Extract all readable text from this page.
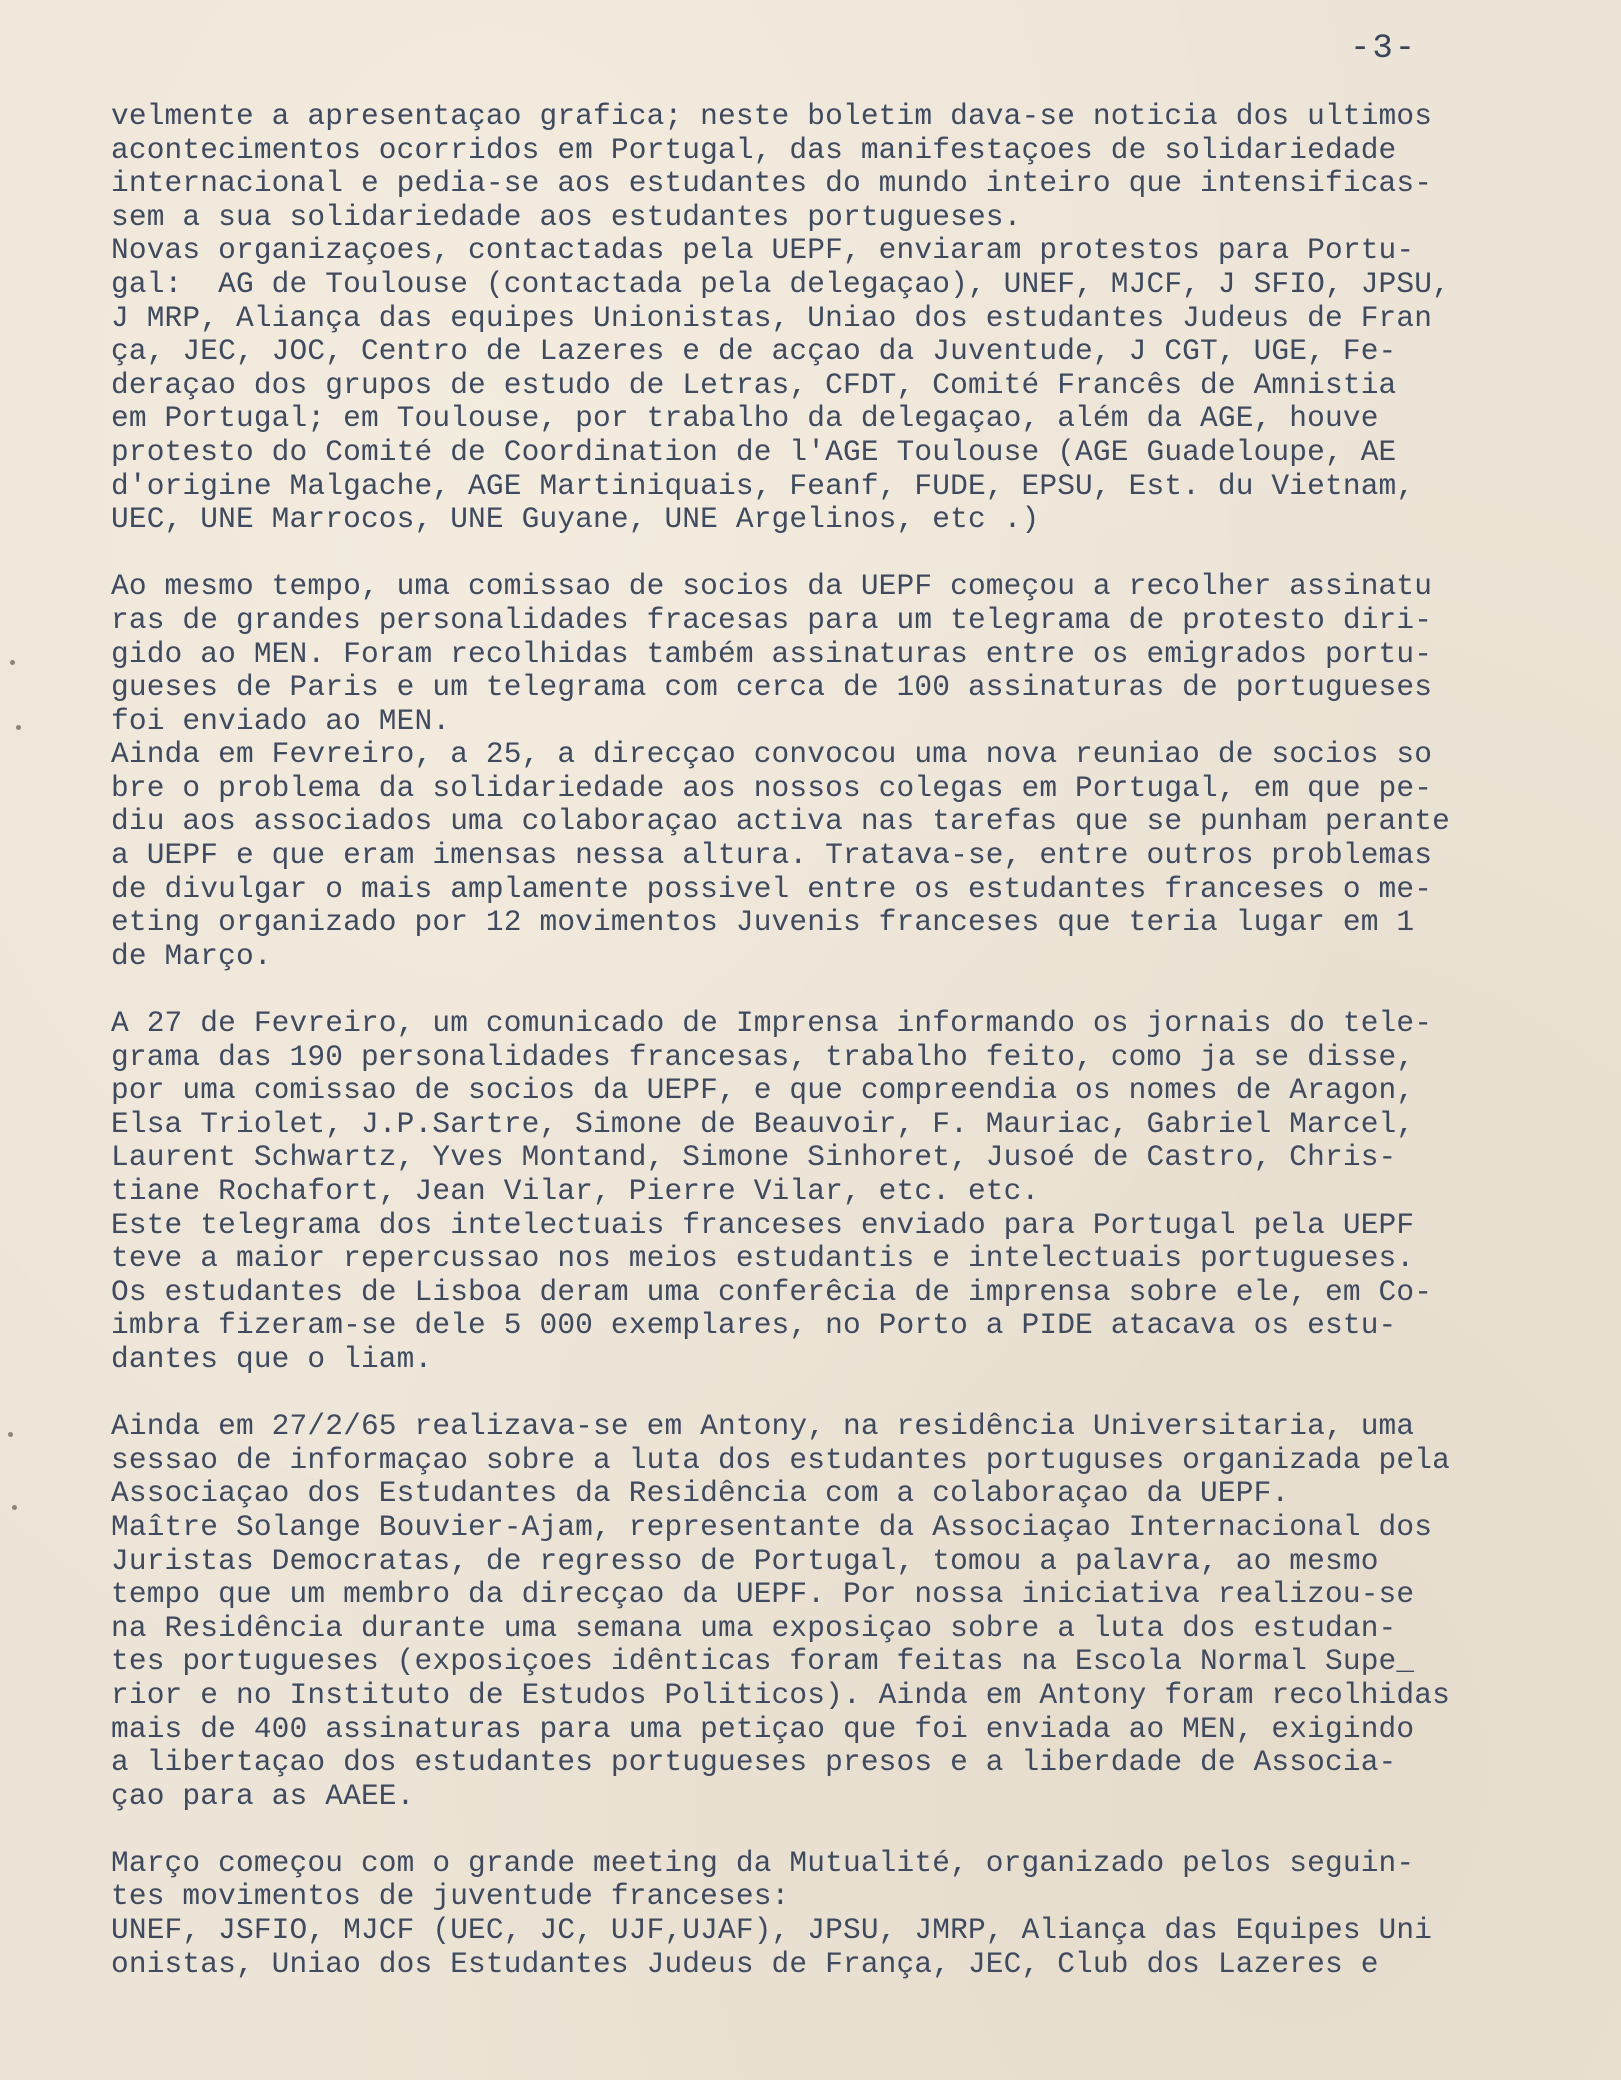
-3-
velmente a apresentaçao grafica; neste boletim dava-se noticia dos ultimos
acontecimentos ocorridos em Portugal, das manifestaçoes de solidariedade
internacional e pedia-se aos estudantes do mundo inteiro que intensificas-
sem a sua solidariedade aos estudantes portugueses.
Novas organizaçoes, contactadas pela UEPF, enviaram protestos para Portu-
gal:  AG de Toulouse (contactada pela delegaçao), UNEF, MJCF, J SFIO, JPSU,
J MRP, Aliança das equipes Unionistas, Uniao dos estudantes Judeus de Fran
ça, JEC, JOC, Centro de Lazeres e de acçao da Juventude, J CGT, UGE, Fe-
deraçao dos grupos de estudo de Letras, CFDT, Comité Francês de Amnistia
em Portugal; em Toulouse, por trabalho da delegaçao, além da AGE, houve
protesto do Comité de Coordination de l'AGE Toulouse (AGE Guadeloupe, AE
d'origine Malgache, AGE Martiniquais, Feanf, FUDE, EPSU, Est. du Vietnam,
UEC, UNE Marrocos, UNE Guyane, UNE Argelinos, etc .)
Ao mesmo tempo, uma comissao de socios da UEPF começou a recolher assinatu
ras de grandes personalidades fracesas para um telegrama de protesto diri-
gido ao MEN. Foram recolhidas também assinaturas entre os emigrados portu-
gueses de Paris e um telegrama com cerca de 100 assinaturas de portugueses
foi enviado ao MEN.
Ainda em Fevreiro, a 25, a direcçao convocou uma nova reuniao de socios so
bre o problema da solidariedade aos nossos colegas em Portugal, em que pe-
diu aos associados uma colaboraçao activa nas tarefas que se punham perante
a UEPF e que eram imensas nessa altura. Tratava-se, entre outros problemas
de divulgar o mais amplamente possivel entre os estudantes franceses o me-
eting organizado por 12 movimentos Juvenis franceses que teria lugar em 1
de Março.
A 27 de Fevreiro, um comunicado de Imprensa informando os jornais do tele-
grama das 190 personalidades francesas, trabalho feito, como ja se disse,
por uma comissao de socios da UEPF, e que compreendia os nomes de Aragon,
Elsa Triolet, J.P.Sartre, Simone de Beauvoir, F. Mauriac, Gabriel Marcel,
Laurent Schwartz, Yves Montand, Simone Sinhoret, Jusoé de Castro, Chris-
tiane Rochafort, Jean Vilar, Pierre Vilar, etc. etc.
Este telegrama dos intelectuais franceses enviado para Portugal pela UEPF
teve a maior repercussao nos meios estudantis e intelectuais portugueses.
Os estudantes de Lisboa deram uma conferêcia de imprensa sobre ele, em Co-
imbra fizeram-se dele 5 000 exemplares, no Porto a PIDE atacava os estu-
dantes que o liam.
Ainda em 27/2/65 realizava-se em Antony, na residência Universitaria, uma
sessao de informaçao sobre a luta dos estudantes portuguses organizada pela
Associaçao dos Estudantes da Residência com a colaboraçao da UEPF.
Maître Solange Bouvier-Ajam, representante da Associaçao Internacional dos
Juristas Democratas, de regresso de Portugal, tomou a palavra, ao mesmo
tempo que um membro da direcçao da UEPF. Por nossa iniciativa realizou-se
na Residência durante uma semana uma exposiçao sobre a luta dos estudan-
tes portugueses (exposiçoes idênticas foram feitas na Escola Normal Supe_
rior e no Instituto de Estudos Politicos). Ainda em Antony foram recolhidas
mais de 400 assinaturas para uma petiçao que foi enviada ao MEN, exigindo
a libertaçao dos estudantes portugueses presos e a liberdade de Associa-
çao para as AAEE.
Março começou com o grande meeting da Mutualité, organizado pelos seguin-
tes movimentos de juventude franceses:
UNEF, JSFIO, MJCF (UEC, JC, UJF,UJAF), JPSU, JMRP, Aliança das Equipes Uni
onistas, Uniao dos Estudantes Judeus de França, JEC, Club dos Lazeres e
